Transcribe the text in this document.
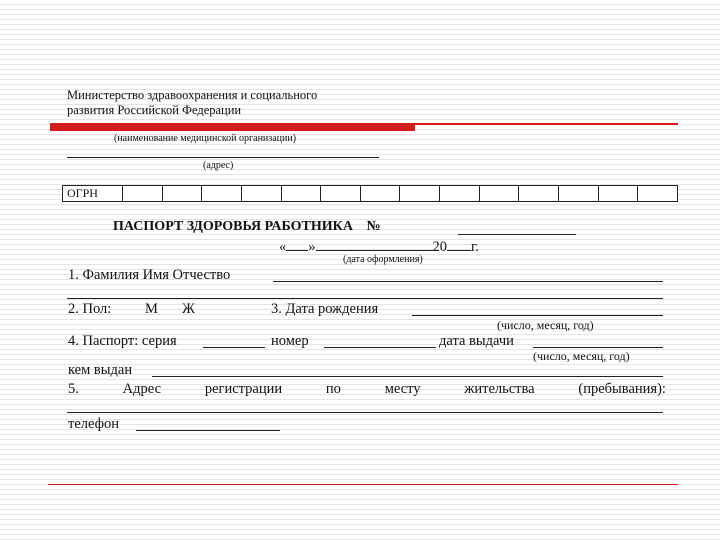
Министерство здравоохранения и социального
развития Российской Федерации
(наименование медицинской организации)
(адрес)
ОГРН
ПАСПОРТ ЗДОРОВЬЯ РАБОТНИКА №
« »	20 г.
(дата оформления)
1. Фамилия Имя Отчество
2. Пол: М Ж	3. Дата рождения
(число, месяц, год)
4. Паспорт: серия	номер	дата выдачи
(число, месяц, год)
кем выдан
5.	Адрес	регистрации	по	месту	жительства	(пребывания):
телефон
